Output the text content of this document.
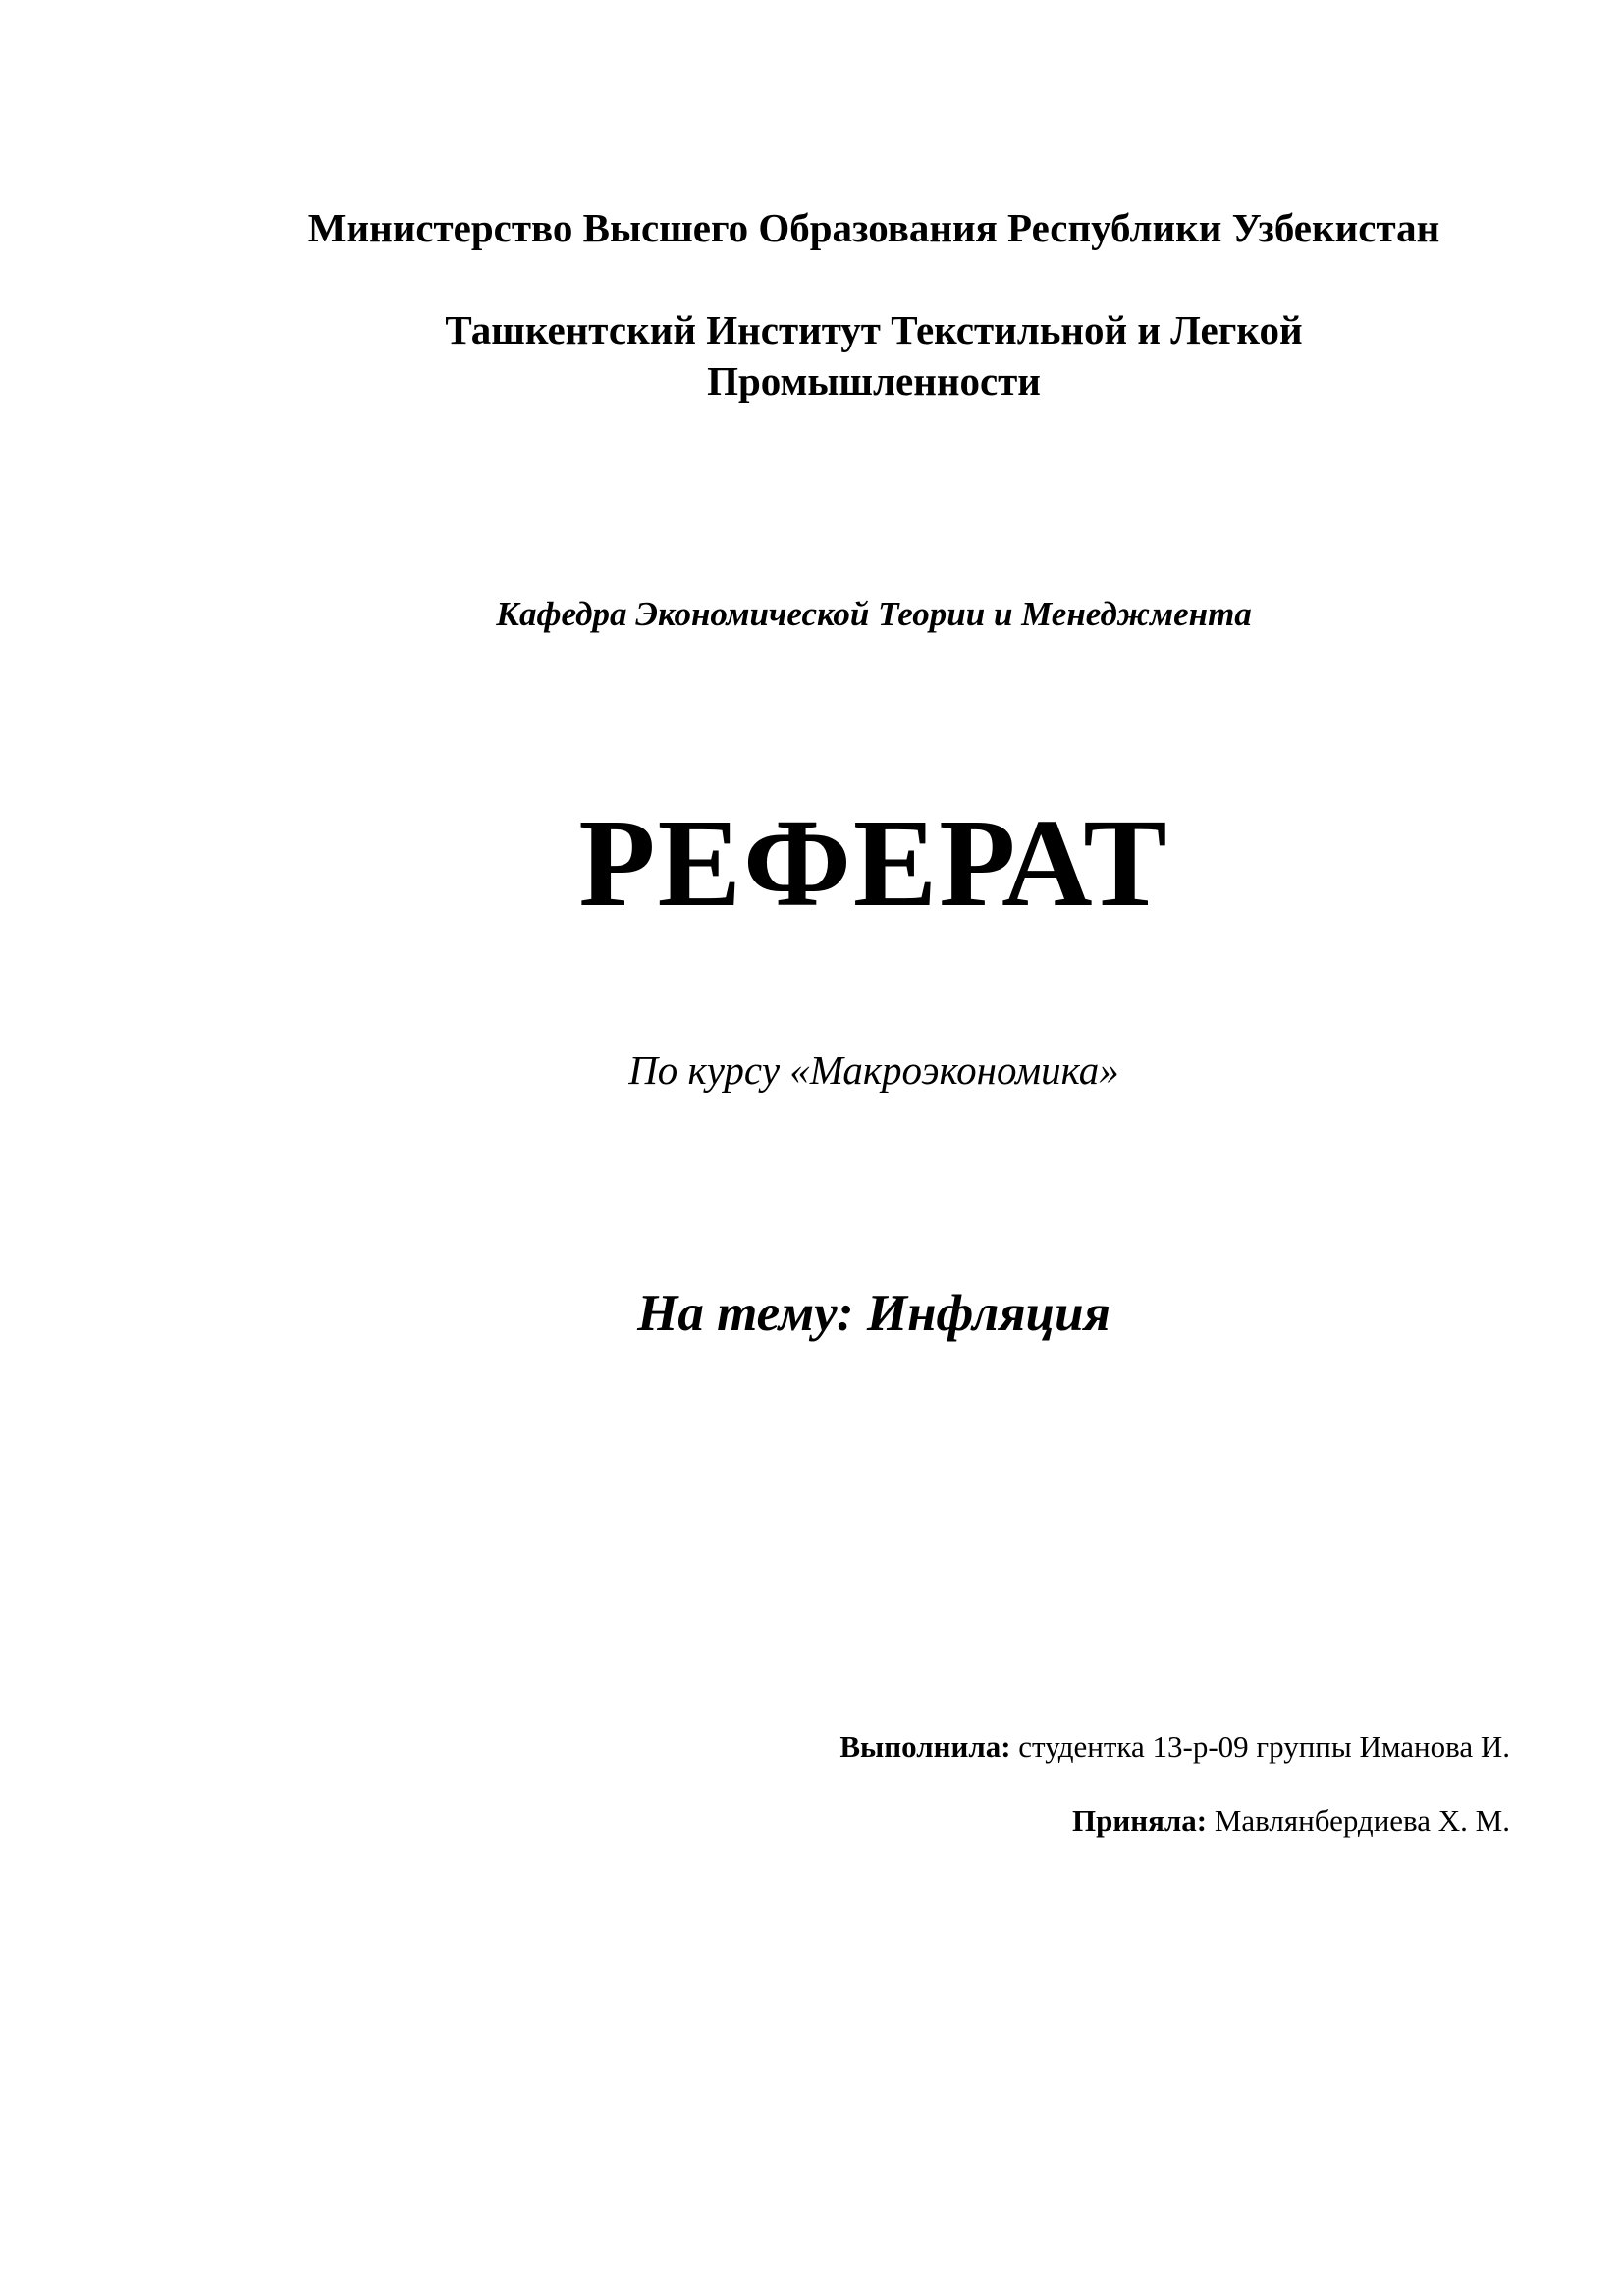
Министерство Высшего Образования Республики Узбекистан
Ташкентский Институт Текстильной и Легкой
Промышленности
Кафедра Экономической Теории и Менеджмента
РЕФЕРАТ
По курсу «Макроэкономика»
На тему: Инфляция
Выполнила: студентка 13-р-09 группы Иманова И.
Приняла: Мавлянбердиева Х. М.
